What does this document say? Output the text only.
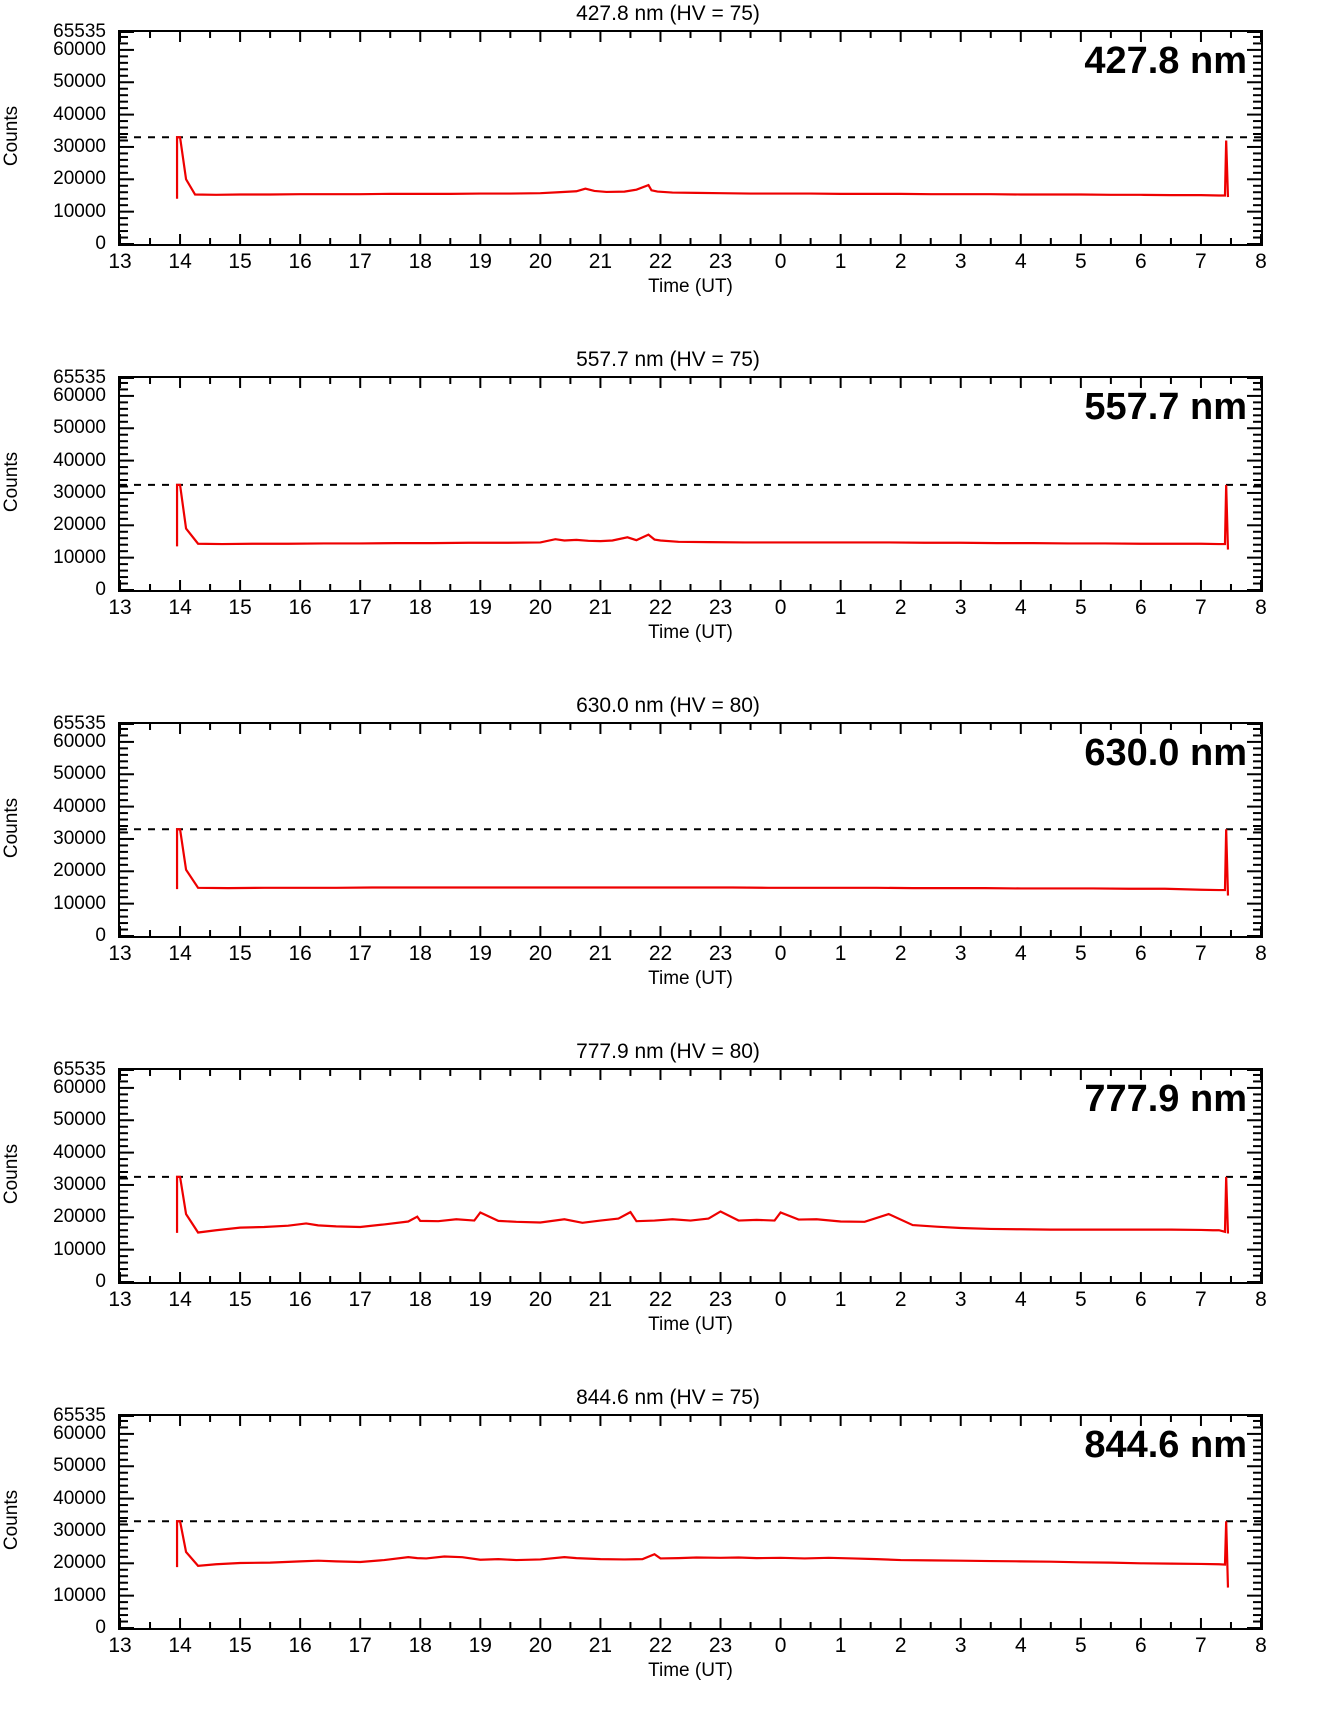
427.8 nm (HV = 75)
Counts
0
10000
20000
30000
40000
50000
60000
65535
427.8 nm
13 14 15 16 17 18 19 20 21 22 23 0 1 2 3 4 5 6 7 8
Time (UT)
557.7 nm (HV = 75)
Counts
0
10000
20000
30000
40000
50000
60000
65535
557.7 nm
13 14 15 16 17 18 19 20 21 22 23 0 1 2 3 4 5 6 7 8
Time (UT)
630.0 nm (HV = 80)
Counts
0
10000
20000
30000
40000
50000
60000
65535
630.0 nm
13 14 15 16 17 18 19 20 21 22 23 0 1 2 3 4 5 6 7 8
Time (UT)
777.9 nm (HV = 80)
Counts
0
10000
20000
30000
40000
50000
60000
65535
777.9 nm
13 14 15 16 17 18 19 20 21 22 23 0 1 2 3 4 5 6 7 8
Time (UT)
844.6 nm (HV = 75)
Counts
0
10000
20000
30000
40000
50000
60000
65535
844.6 nm
13 14 15 16 17 18 19 20 21 22 23 0 1 2 3 4 5 6 7 8
Time (UT)
